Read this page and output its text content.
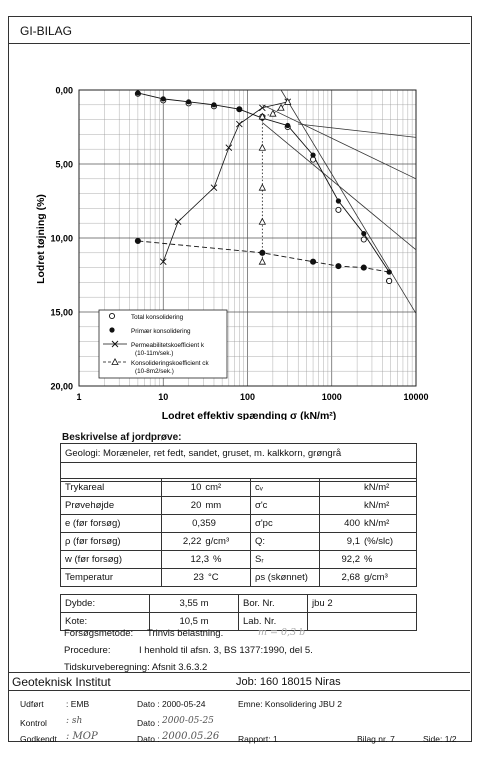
GI-BILAG
0,00
5,00
10,00
15,00
20,00
1	10	100	1000	10000
Lodret effektiv spænding σ (kN/m²)
Lodret tøjning (%)
Total konsolidering
Primær konsolidering
Permeabilitetskoefficient k
(10-11m/sek.)
Konsolideringskoefficient ck
(10-8m2/sek.)
Beskrivelse af jordprøve:
Geologi: Moræneler, ret fedt, sandet, gruset, m. kalkkorn, grøngrå

Trykareal	10 cm²	cᵥ	kN/m²
Prøvehøjde	20 mm	σ'c	kN/m²
e (før forsøg)	0,359	σ'pc	400 kN/m²
ρ (før forsøg)	2,22 g/cm³	Q:	9,1 (%/slc)
w (før forsøg)	12,3 %	Sᵣ	92,2 %
Temperatur	23 °C	ρs (skønnet)	2,68 g/cm³
Dybde:	3,55 m	Bor. Nr.	jbu 2
Kote:	10,5 m	Lab. Nr.	
Forsøgsmetode: Trinvis belastning.	m = 0,3 b
Procedure:	I henhold til afsn. 3, BS 1377:1990, del 5.
Tidskurveberegning: Afsnit 3.6.3.2
Geoteknisk Institut	Job: 160 18015 Niras
Udført	: EMB	Dato : 2000-05-24	Emne: Konsolidering JBU 2
Kontrol : sh	Dato : 2000-05-25
Godkendt : MOP	Dato : 2000.05.26 Rapport: 1	Bilag nr. 7	Side: 1/2
